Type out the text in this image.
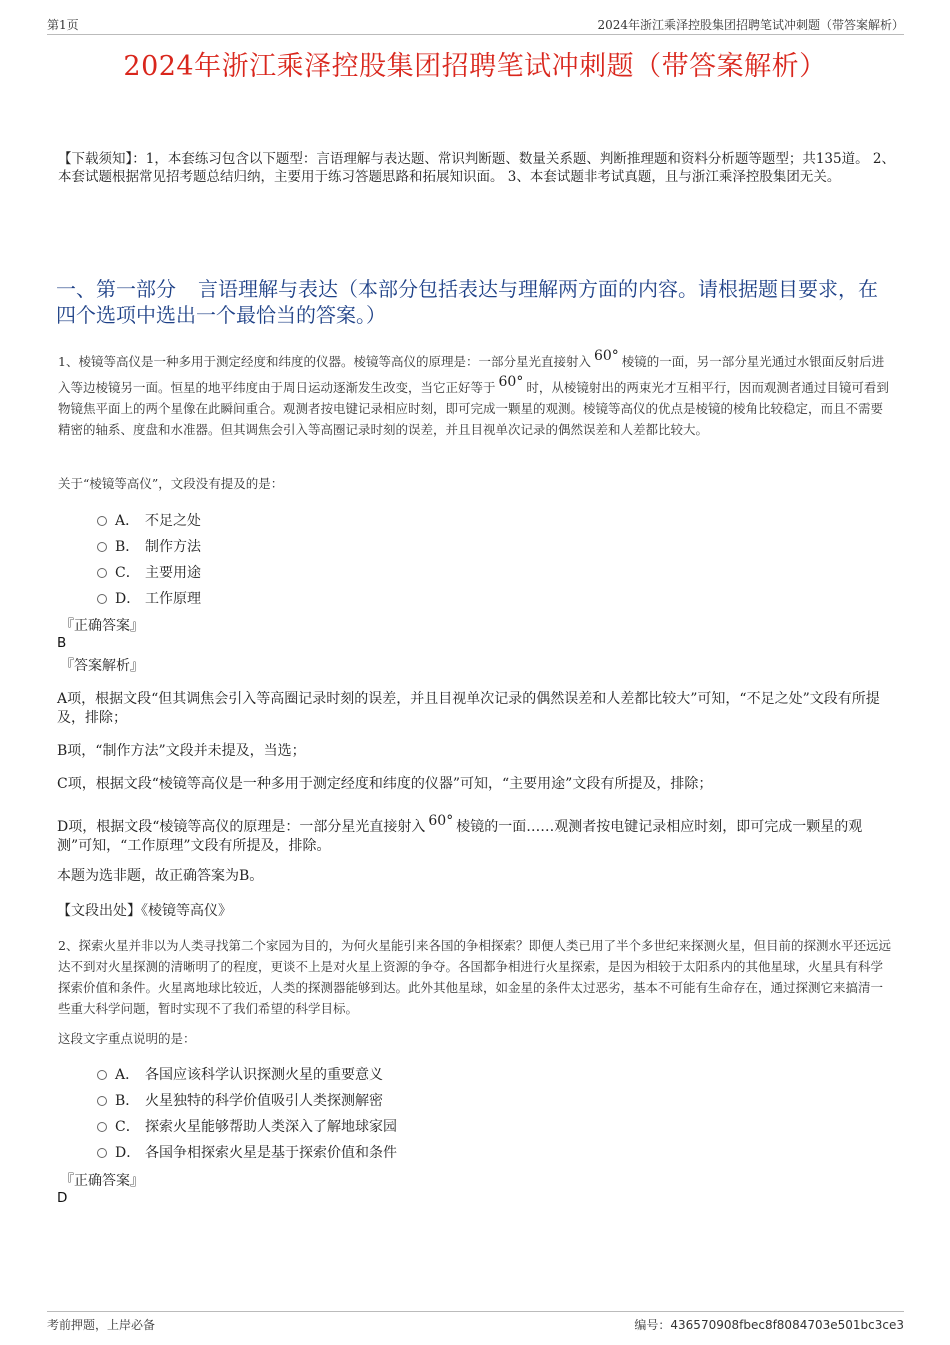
第1页	2024年浙江乘泽控股集团招聘笔试冲刺题（带答案解析）
2024年浙江乘泽控股集团招聘笔试冲刺题（带答案解析）
【下载须知】：1，本套练习包含以下题型：言语理解与表达题、常识判断题、数量关系题、判断推理题和资料分析题等题型；共135道。 2、本套试题根据常见招考题总结归纳，主要用于练习答题思路和拓展知识面。 3、本套试题非考试真题，且与浙江乘泽控股集团无关。
一、第一部分 言语理解与表达（本部分包括表达与理解两方面的内容。请根据题目要求，在四个选项中选出一个最恰当的答案。）
1、棱镜等高仪是一种多用于测定经度和纬度的仪器。棱镜等高仪的原理是：一部分星光直接射入 60° 棱镜的一面，另一部分星光通过水银面反射后进入等边棱镜另一面。恒星的地平纬度由于周日运动逐渐发生改变，当它正好等于 60° 时，从棱镜射出的两束光才互相平行，因而观测者通过目镜可看到物镜焦平面上的两个星像在此瞬间重合。观测者按电键记录相应时刻，即可完成一颗星的观测。棱镜等高仪的优点是棱镜的棱角比较稳定，而且不需要精密的轴系、度盘和水准器。但其调焦会引入等高圈记录时刻的误差，并且目视单次记录的偶然误差和人差都比较大。
关于“棱镜等高仪”，文段没有提及的是：
A． 不足之处
B． 制作方法
C． 主要用途
D． 工作原理
『正确答案』
B
『答案解析』
A项，根据文段“但其调焦会引入等高圈记录时刻的误差，并且目视单次记录的偶然误差和人差都比较大”可知，“不足之处”文段有所提及，排除；
B项，“制作方法”文段并未提及，当选；
C项，根据文段“棱镜等高仪是一种多用于测定经度和纬度的仪器”可知，“主要用途”文段有所提及，排除；
D项，根据文段“棱镜等高仪的原理是：一部分星光直接射入 60° 棱镜的一面……观测者按电键记录相应时刻，即可完成一颗星的观测”可知，“工作原理”文段有所提及，排除。
本题为选非题，故正确答案为B。
【文段出处】《棱镜等高仪》
2、探索火星并非以为人类寻找第二个家园为目的，为何火星能引来各国的争相探索？即便人类已用了半个多世纪来探测火星，但目前的探测水平还远远达不到对火星探测的清晰明了的程度，更谈不上是对火星上资源的争夺。各国都争相进行火星探索，是因为相较于太阳系内的其他星球，火星具有科学探索价值和条件。火星离地球比较近，人类的探测器能够到达。此外其他星球，如金星的条件太过恶劣，基本不可能有生命存在，通过探测它来搞清一些重大科学问题，暂时实现不了我们希望的科学目标。
这段文字重点说明的是：
A． 各国应该科学认识探测火星的重要意义
B． 火星独特的科学价值吸引人类探测解密
C． 探索火星能够帮助人类深入了解地球家园
D． 各国争相探索火星是基于探索价值和条件
『正确答案』
D
考前押题，上岸必备	编号：436570908fbec8f8084703e501bc3ce3
